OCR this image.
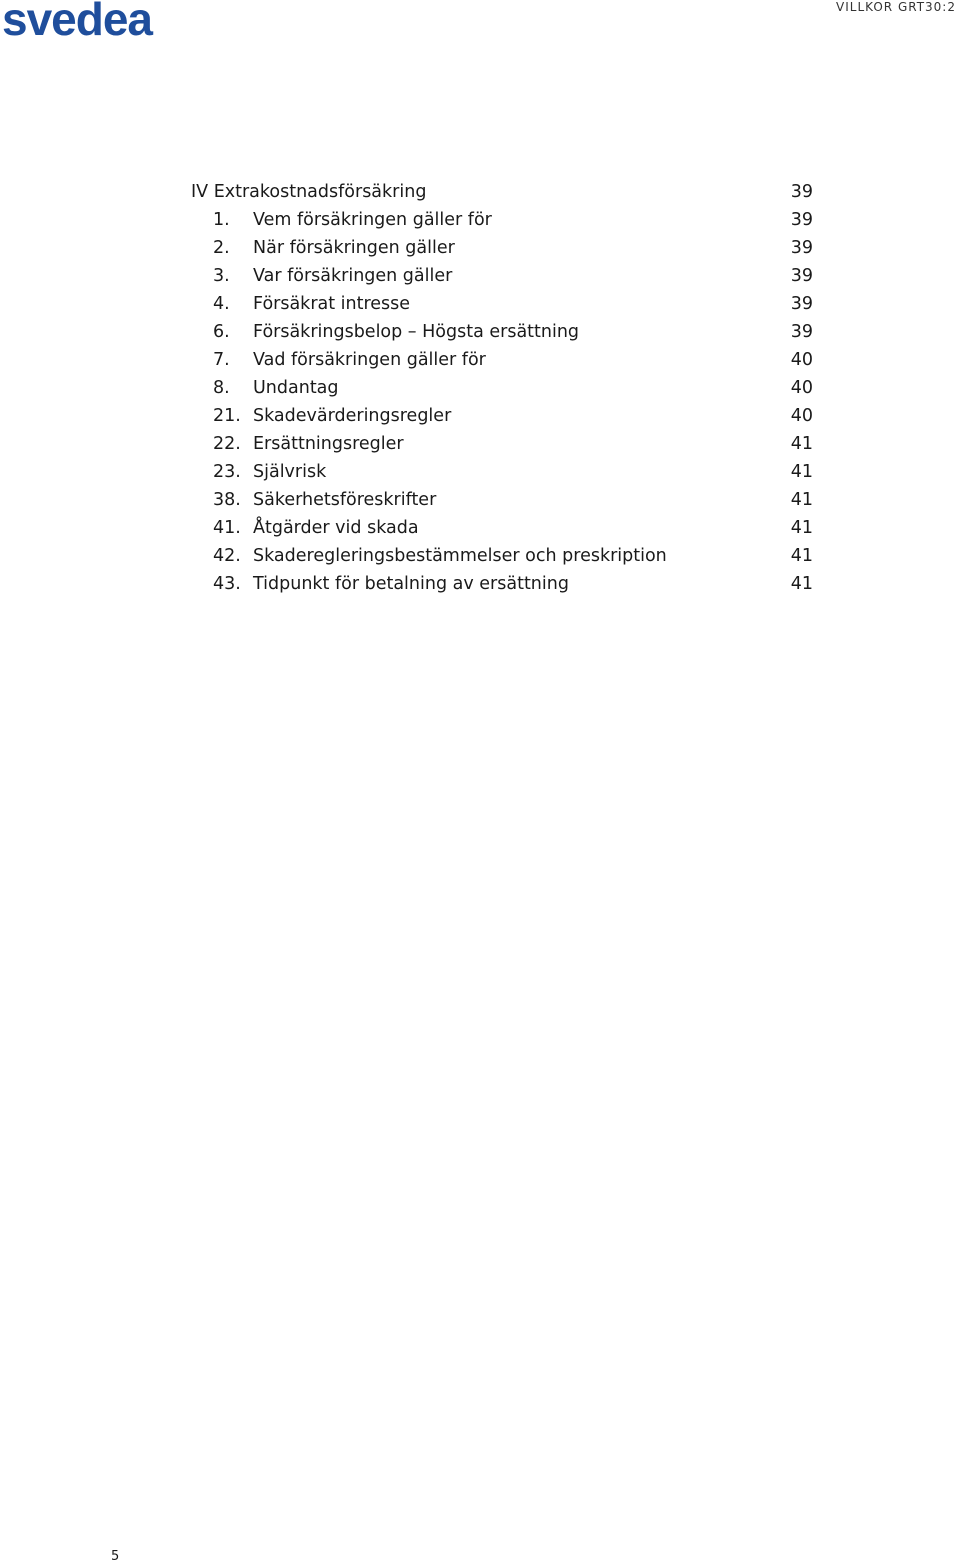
svedea	VILLKOR GRT30:2
IV Extrakostnadsförsäkring	39
1. Vem försäkringen gäller för	39
2. När försäkringen gäller	39
3. Var försäkringen gäller	39
4. Försäkrat intresse	39
6. Försäkringsbelop – Högsta ersättning	39
7. Vad försäkringen gäller för	40
8. Undantag	40
21. Skadevärderingsregler	40
22. Ersättningsregler	41
23. Självrisk	41
38. Säkerhetsföreskrifter	41
41. Åtgärder vid skada	41
42. Skaderegleringsbestämmelser och preskription	41
43. Tidpunkt för betalning av ersättning	41
5
